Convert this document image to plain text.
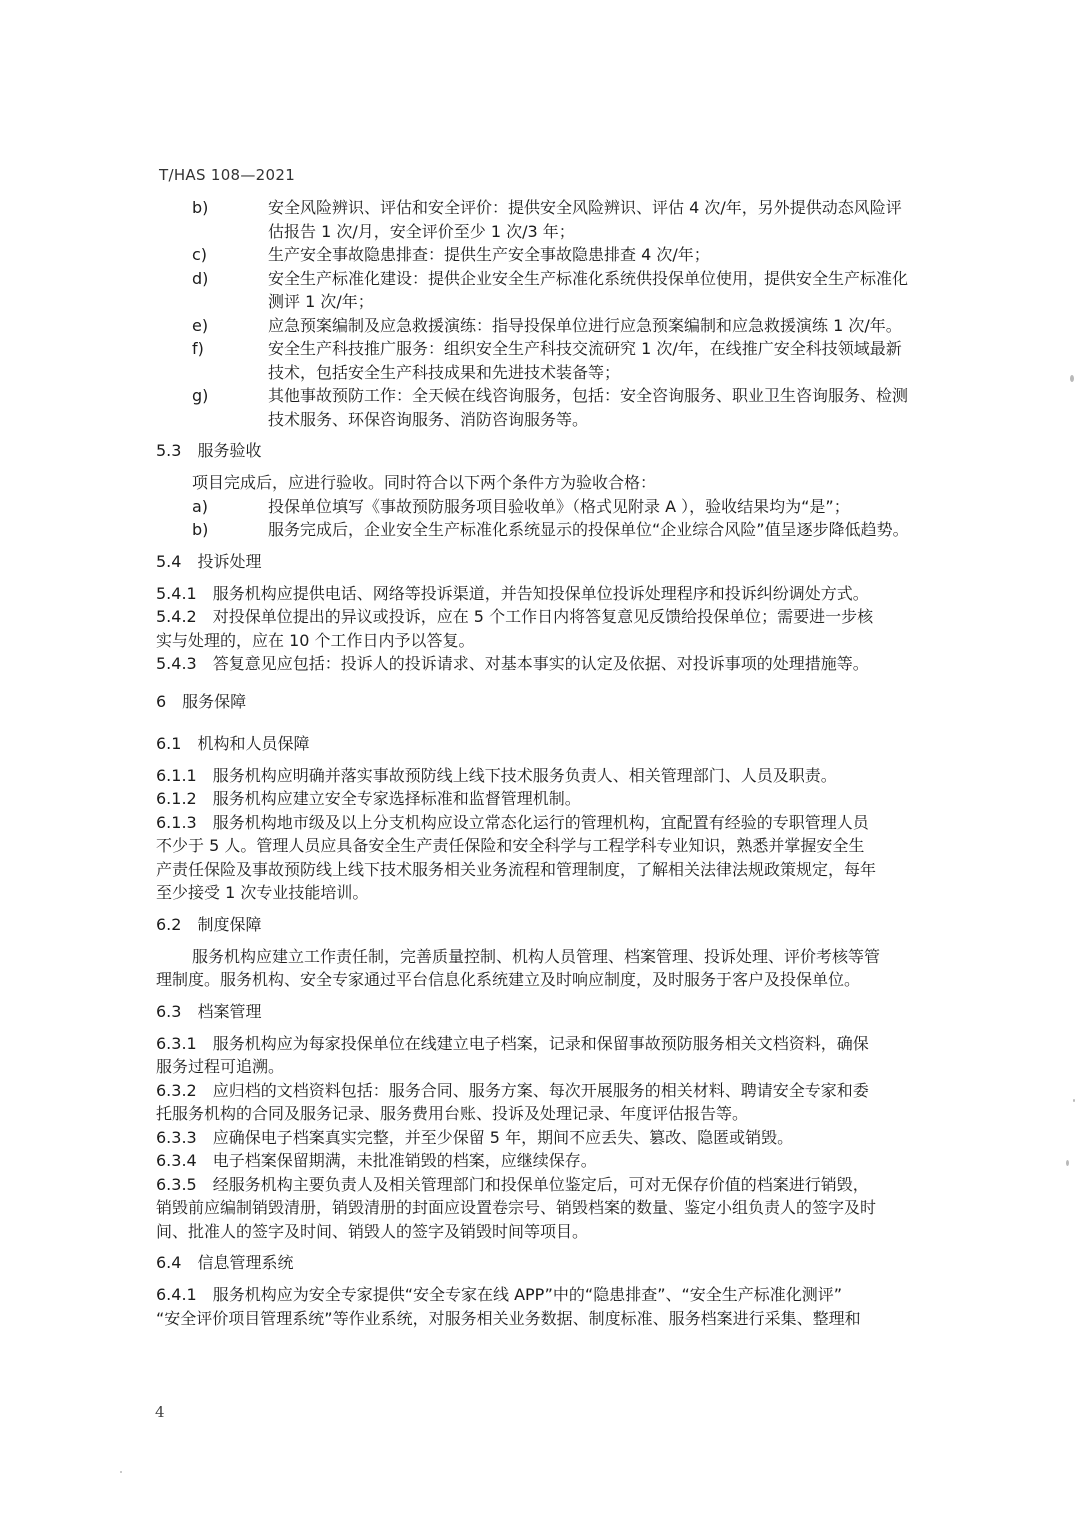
T/HAS 108—2021
b)	安全风险辨识、评估和安全评价：提供安全风险辨识、评估 4 次/年，另外提供动态风险评
估报告 1 次/月，安全评价至少 1 次/3 年；
c)	生产安全事故隐患排查：提供生产安全事故隐患排查 4 次/年；
d)	安全生产标准化建设：提供企业安全生产标准化系统供投保单位使用，提供安全生产标准化
测评 1 次/年；
e)	应急预案编制及应急救援演练：指导投保单位进行应急预案编制和应急救援演练 1 次/年。
f)	安全生产科技推广服务：组织安全生产科技交流研究 1 次/年，在线推广安全科技领域最新
技术，包括安全生产科技成果和先进技术装备等；
g)	其他事故预防工作：全天候在线咨询服务，包括：安全咨询服务、职业卫生咨询服务、检测
技术服务、环保咨询服务、消防咨询服务等。
5.3　服务验收
项目完成后，应进行验收。同时符合以下两个条件方为验收合格：
a)	投保单位填写《事故预防服务项目验收单》（格式见附录 A ），验收结果均为“是”；
b)	服务完成后，企业安全生产标准化系统显示的投保单位“企业综合风险”值呈逐步降低趋势。
5.4　投诉处理
5.4.1　服务机构应提供电话、网络等投诉渠道，并告知投保单位投诉处理程序和投诉纠纷调处方式。
5.4.2　对投保单位提出的异议或投诉，应在 5 个工作日内将答复意见反馈给投保单位；需要进一步核
实与处理的，应在 10 个工作日内予以答复。
5.4.3　答复意见应包括：投诉人的投诉请求、对基本事实的认定及依据、对投诉事项的处理措施等。
6　服务保障
6.1　机构和人员保障
6.1.1　服务机构应明确并落实事故预防线上线下技术服务负责人、相关管理部门、人员及职责。
6.1.2　服务机构应建立安全专家选择标准和监督管理机制。
6.1.3　服务机构地市级及以上分支机构应设立常态化运行的管理机构，宜配置有经验的专职管理人员
不少于 5 人。管理人员应具备安全生产责任保险和安全科学与工程学科专业知识，熟悉并掌握安全生
产责任保险及事故预防线上线下技术服务相关业务流程和管理制度，了解相关法律法规政策规定，每年
至少接受 1 次专业技能培训。
6.2　制度保障
服务机构应建立工作责任制，完善质量控制、机构人员管理、档案管理、投诉处理、评价考核等管
理制度。服务机构、安全专家通过平台信息化系统建立及时响应制度，及时服务于客户及投保单位。
6.3　档案管理
6.3.1　服务机构应为每家投保单位在线建立电子档案，记录和保留事故预防服务相关文档资料，确保
服务过程可追溯。
6.3.2　应归档的文档资料包括：服务合同、服务方案、每次开展服务的相关材料、聘请安全专家和委
托服务机构的合同及服务记录、服务费用台账、投诉及处理记录、年度评估报告等。
6.3.3　应确保电子档案真实完整，并至少保留 5 年，期间不应丢失、篡改、隐匿或销毁。
6.3.4　电子档案保留期满，未批准销毁的档案，应继续保存。
6.3.5　经服务机构主要负责人及相关管理部门和投保单位鉴定后，可对无保存价值的档案进行销毁，
销毁前应编制销毁清册，销毁清册的封面应设置卷宗号、销毁档案的数量、鉴定小组负责人的签字及时
间、批准人的签字及时间、销毁人的签字及销毁时间等项目。
6.4　信息管理系统
6.4.1　服务机构应为安全专家提供“安全专家在线 APP”中的“隐患排查”、“安全生产标准化测评”
“安全评价项目管理系统”等作业系统，对服务相关业务数据、制度标准、服务档案进行采集、整理和
4
